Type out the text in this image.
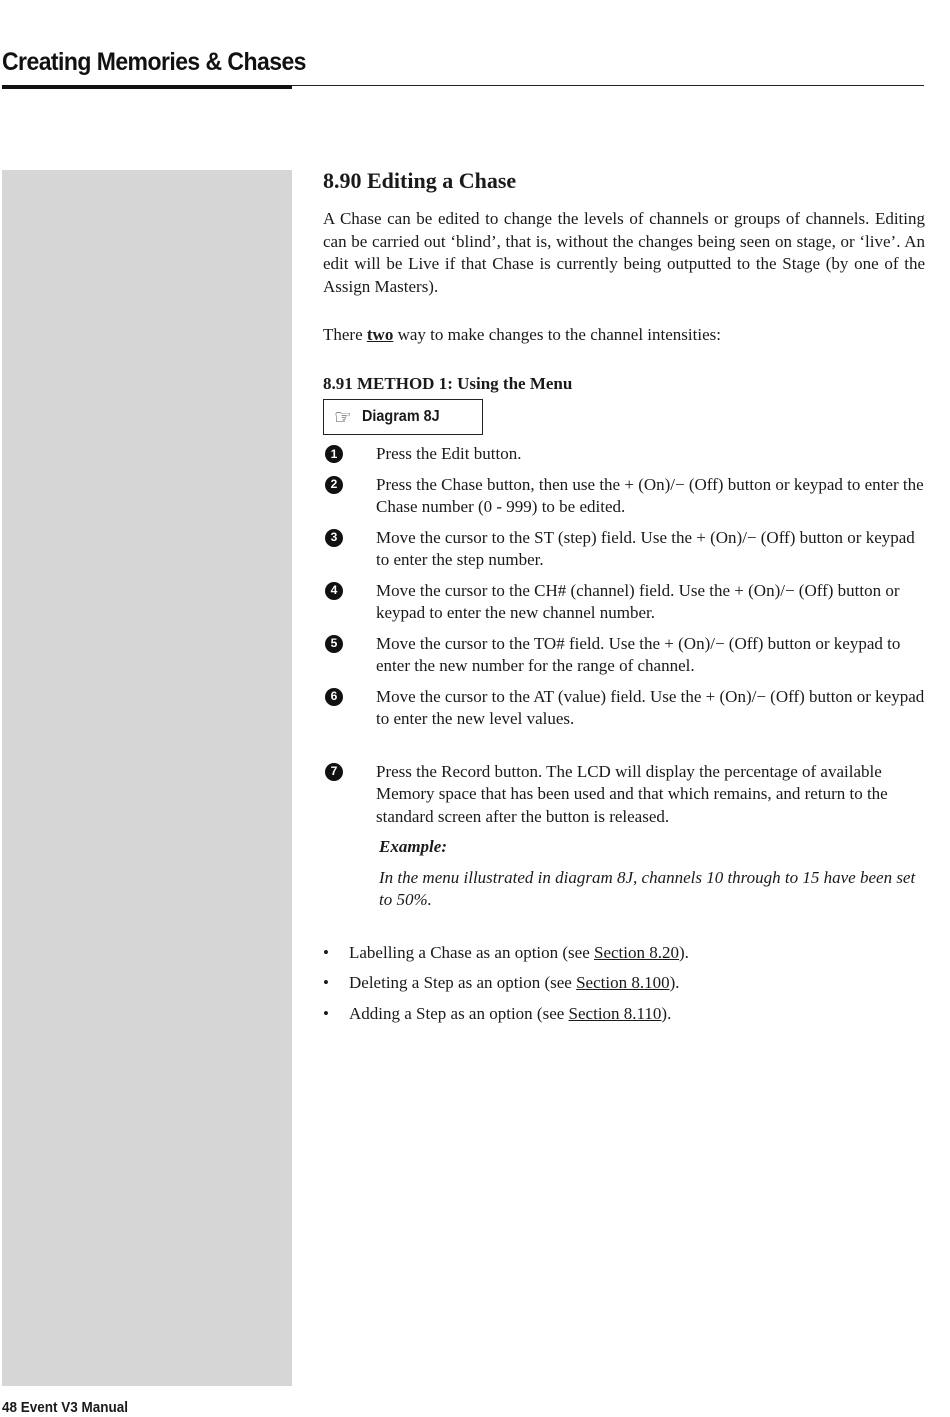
Creating Memories & Chases
8.90 Editing a Chase

A Chase can be edited to change the levels of channels or groups of channels. Editing can be carried out ‘blind’, that is, without the changes being seen on stage, or ‘live’. An edit will be Live if that Chase is currently being outputted to the Stage (by one of the Assign Masters).

There two way to make changes to the channel intensities:

8.91 METHOD 1: Using the Menu
☞ Diagram 8J
1	Press the Edit button.
2	Press the Chase button, then use the + (On)/− (Off) button or keypad to enter the Chase number (0 - 999) to be edited.
3	Move the cursor to the ST (step) field. Use the + (On)/− (Off) button or keypad to enter the step number.
4	Move the cursor to the CH# (channel) field. Use the + (On)/− (Off) button or keypad to enter the new channel number.
5	Move the cursor to the TO# field. Use the + (On)/− (Off) button or keypad to enter the new number for the range of channel.
6	Move the cursor to the AT (value) field. Use the + (On)/− (Off) button or keypad to enter the new level values.
7	Press the Record button. The LCD will display the percentage of available Memory space that has been used and that which remains, and return to the standard screen after the button is released.

Example:

In the menu illustrated in diagram 8J, channels 10 through to 15 have been set to 50%.

• Labelling a Chase as an option (see Section 8.20).
• Deleting a Step as an option (see Section 8.100).
• Adding a Step as an option (see Section 8.110).
48 Event V3 Manual
